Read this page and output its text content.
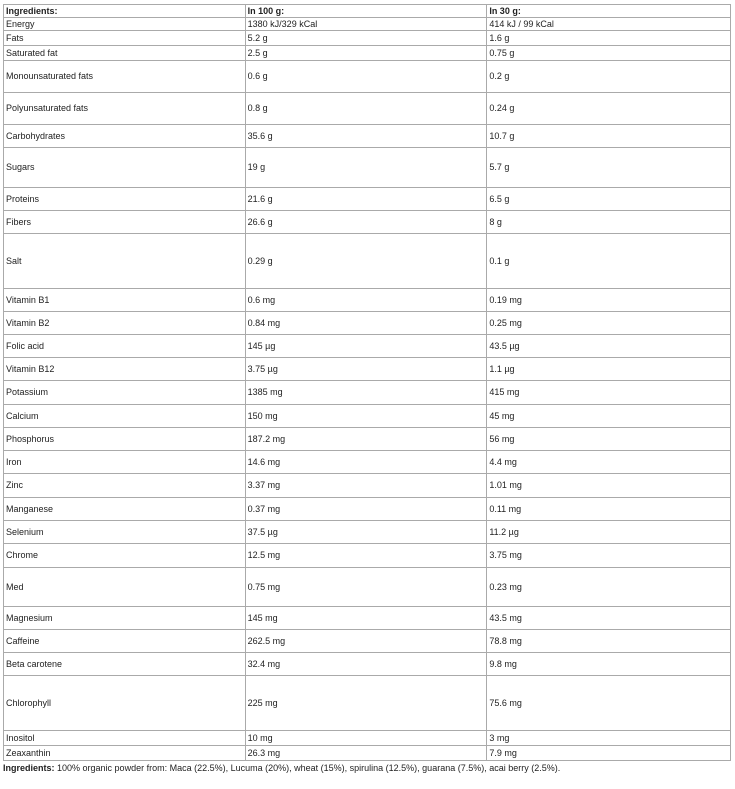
Ingredients:	In 100 g:	In 30 g:
Energy	1380 kJ/329 kCal	414 kJ / 99 kCal
Fats	5.2 g	1.6 g
Saturated fat	2.5 g	0.75 g
Monounsaturated fats	0.6 g	0.2 g
Polyunsaturated fats	0.8 g	0.24 g
Carbohydrates	35.6 g	10.7 g
Sugars	19 g	5.7 g
Proteins	21.6 g	6.5 g
Fibers	26.6 g	8 g
Salt	0.29 g	0.1 g
Vitamin B1	0.6 mg	0.19 mg
Vitamin B2	0.84 mg	0.25 mg
Folic acid	145 µg	43.5 µg
Vitamin B12	3.75 µg	1.1 µg
Potassium	1385 mg	415 mg
Calcium	150 mg	45 mg
Phosphorus	187.2 mg	56 mg
Iron	14.6 mg	4.4 mg
Zinc	3.37 mg	1.01 mg
Manganese	0.37 mg	0.11 mg
Selenium	37.5 µg	11.2 µg
Chrome	12.5 mg	3.75 mg
Med	0.75 mg	0.23 mg
Magnesium	145 mg	43.5 mg
Caffeine	262.5 mg	78.8 mg
Beta carotene	32.4 mg	9.8 mg
Chlorophyll	225 mg	75.6 mg
Inositol	10 mg	3 mg
Zeaxanthin	26.3 mg	7.9 mg
Ingredients: 100% organic powder from: Maca (22.5%), Lucuma (20%), wheat (15%), spirulina (12.5%), guarana (7.5%), acai berry (2.5%).
